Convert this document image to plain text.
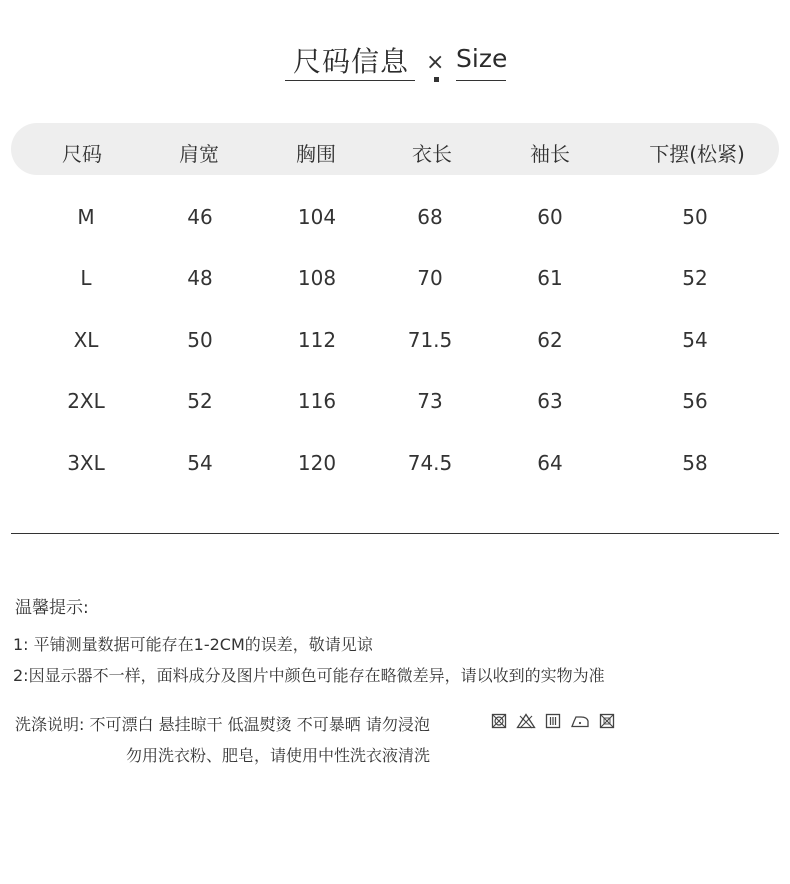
尺码信息 × Size
尺码	肩宽	胸围	衣长	袖长	下摆(松紧)
M	46	104	68	60	50
L	48	108	70	61	52
XL	50	112	71.5	62	54
2XL	52	116	73	63	56
3XL	54	120	74.5	64	58
温馨提示:
1: 平铺测量数据可能存在1-2CM的误差，敬请见谅
2:因显示器不一样，面料成分及图片中颜色可能存在略微差异，请以收到的实物为准
洗涤说明: 不可漂白 悬挂晾干 低温熨烫 不可暴晒 请勿浸泡
勿用洗衣粉、肥皂，请使用中性洗衣液清洗
